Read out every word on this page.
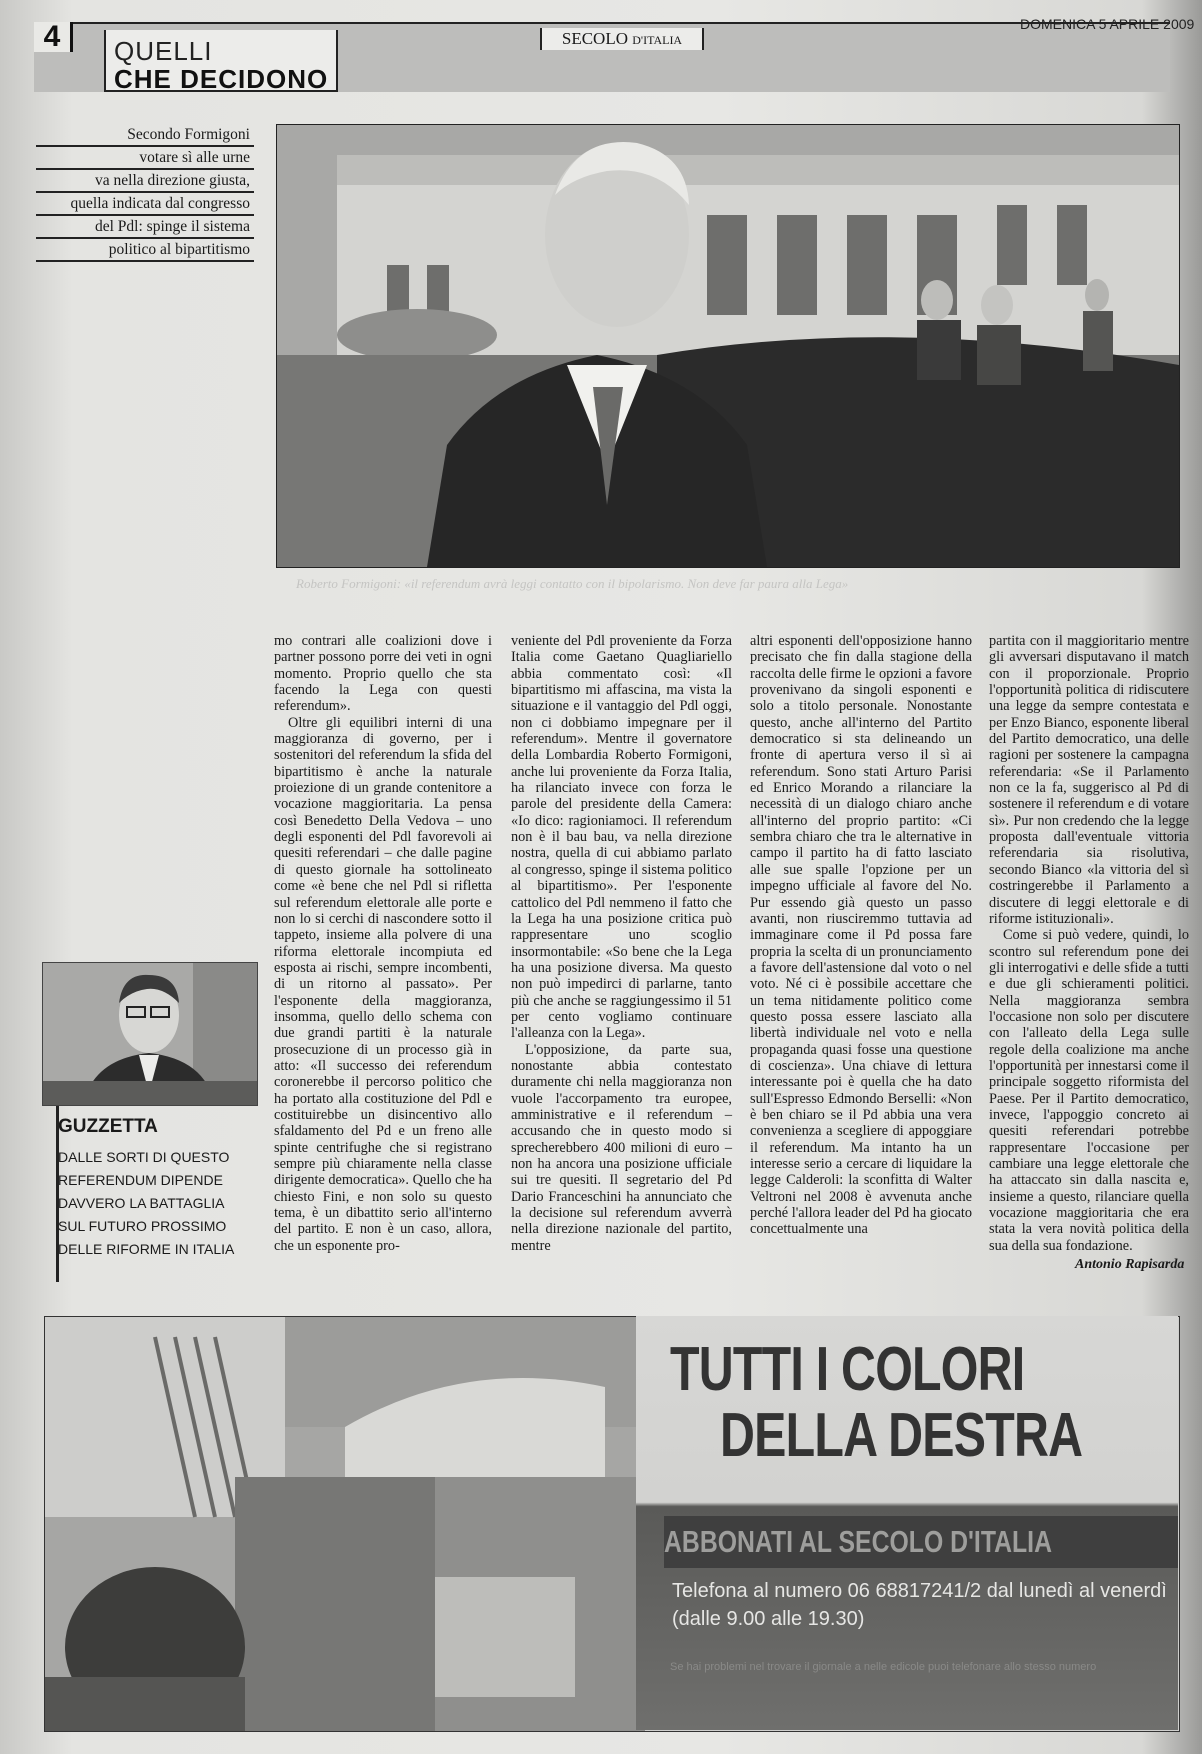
4	QUELLI
CHE DECIDONO
SECOLO D'ITALIA
DOMENICA 5 APRILE 2009
Secondo Formigoni
votare sì alle urne
va nella direzione giusta,
quella indicata dal congresso
del Pdl: spinge il sistema
politico al bipartitismo
Roberto Formigoni: «il referendum avrà leggi contatto con il bipolarismo. Non deve far paura alla Lega»

mo contrari alle coalizioni dove i partner possono porre dei veti in ogni momento. Proprio quello che sta facendo la Lega con questi referendum».

Oltre gli equilibri interni di una maggioranza di governo, per i sostenitori del referendum la sfida del bipartitismo è anche la naturale proiezione di un grande contenitore a vocazione maggioritaria. La pensa così Benedetto Della Vedova – uno degli esponenti del Pdl favorevoli ai quesiti referendari – che dalle pagine di questo giornale ha sottolineato come «è bene che nel Pdl si rifletta sul referendum elettorale alle porte e non lo si cerchi di nascondere sotto il tappeto, insieme alla polvere di una riforma elettorale incompiuta ed esposta ai rischi, sempre incombenti, di un ritorno al passato». Per l'esponente della maggioranza, insomma, quello dello schema con due grandi partiti è la naturale prosecuzione di un processo già in atto: «Il successo dei referendum coronerebbe il percorso politico che ha portato alla costituzione del Pdl e costituirebbe un disincentivo allo sfaldamento del Pd e un freno alle spinte centrifughe che si registrano sempre più chiaramente nella classe dirigente democratica». Quello che ha chiesto Fini, e non solo su questo tema, è un dibattito serio all'interno del partito. E non è un caso, allora, che un esponente pro-

veniente del Pdl proveniente da Forza Italia come Gaetano Quagliariello abbia commentato così: «Il bipartitismo mi affascina, ma vista la situazione e il vantaggio del Pdl oggi, non ci dobbiamo impegnare per il referendum». Mentre il governatore della Lombardia Roberto Formigoni, anche lui proveniente da Forza Italia, ha rilanciato invece con forza le parole del presidente della Camera: «Io dico: ragioniamoci. Il referendum non è il bau bau, va nella direzione nostra, quella di cui abbiamo parlato al congresso, spinge il sistema politico al bipartitismo». Per l'esponente cattolico del Pdl nemmeno il fatto che la Lega ha una posizione critica può rappresentare uno scoglio insormontabile: «So bene che la Lega ha una posizione diversa. Ma questo non può impedirci di parlarne, tanto più che anche se raggiungessimo il 51 per cento vogliamo continuare l'alleanza con la Lega».

L'opposizione, da parte sua, nonostante abbia contestato duramente chi nella maggioranza non vuole l'accorpamento tra europee, amministrative e il referendum – accusando che in questo modo si sprecherebbero 400 milioni di euro – non ha ancora una posizione ufficiale sui tre quesiti. Il segretario del Pd Dario Franceschini ha annunciato che la decisione sul referendum avverrà nella direzione nazionale del partito, mentre

altri esponenti dell'opposizione hanno precisato che fin dalla stagione della raccolta delle firme le opzioni a favore provenivano da singoli esponenti e solo a titolo personale. Nonostante questo, anche all'interno del Partito democratico si sta delineando un fronte di apertura verso il sì ai referendum. Sono stati Arturo Parisi ed Enrico Morando a rilanciare la necessità di un dialogo chiaro anche all'interno del proprio partito: «Ci sembra chiaro che tra le alternative in campo il partito ha di fatto lasciato alle sue spalle l'opzione per un impegno ufficiale al favore del No. Pur essendo già questo un passo avanti, non riusciremmo tuttavia ad immaginare come il Pd possa fare propria la scelta di un pronunciamento a favore dell'astensione dal voto o nel voto. Né ci è possibile accettare che un tema nitidamente politico come questo possa essere lasciato alla libertà individuale nel voto e nella propaganda quasi fosse una questione di coscienza». Una chiave di lettura interessante poi è quella che ha dato sull'Espresso Edmondo Berselli: «Non è ben chiaro se il Pd abbia una vera convenienza a scegliere di appoggiare il referendum. Ma intanto ha un interesse serio a cercare di liquidare la legge Calderoli: la sconfitta di Walter Veltroni nel 2008 è avvenuta anche perché l'allora leader del Pd ha giocato concettualmente una

partita con il maggioritario mentre gli avversari disputavano il match con il proporzionale. Proprio l'opportunità politica di ridiscutere una legge da sempre contestata e per Enzo Bianco, esponente liberal del Partito democratico, una delle ragioni per sostenere la campagna referendaria: «Se il Parlamento non ce la fa, suggerisco al Pd di sostenere il referendum e di votare sì». Pur non credendo che la legge proposta dall'eventuale vittoria referendaria sia risolutiva, secondo Bianco «la vittoria del sì costringerebbe il Parlamento a discutere di leggi elettorale e di riforme istituzionali».

Come si può vedere, quindi, lo scontro sul referendum pone dei gli interrogativi e delle sfide a tutti e due gli schieramenti politici. Nella maggioranza sembra l'occasione non solo per discutere con l'alleato della Lega sulle regole della coalizione ma anche l'opportunità per innestarsi come il principale soggetto riformista del Paese. Per il Partito democratico, invece, l'appoggio concreto ai quesiti referendari potrebbe rappresentare l'occasione per cambiare una legge elettorale che ha attaccato sin dalla nascita e, insieme a questo, rilanciare quella vocazione maggioritaria che era stata la vera novità politica della sua della sua fondazione.

Antonio Rapisarda
GUZZETTA
DALLE SORTI DI QUESTO REFERENDUM DIPENDE DAVVERO LA BATTAGLIA SUL FUTURO PROSSIMO DELLE RIFORME IN ITALIA
TUTTI I COLORI
DELLA DESTRA
ABBONATI AL SECOLO D'ITALIA
Telefona al numero 06 68817241/2 dal lunedì al venerdì
(dalle 9.00 alle 19.30)
Se hai problemi nel trovare il giornale a nelle edicole puoi telefonare allo stesso numero
